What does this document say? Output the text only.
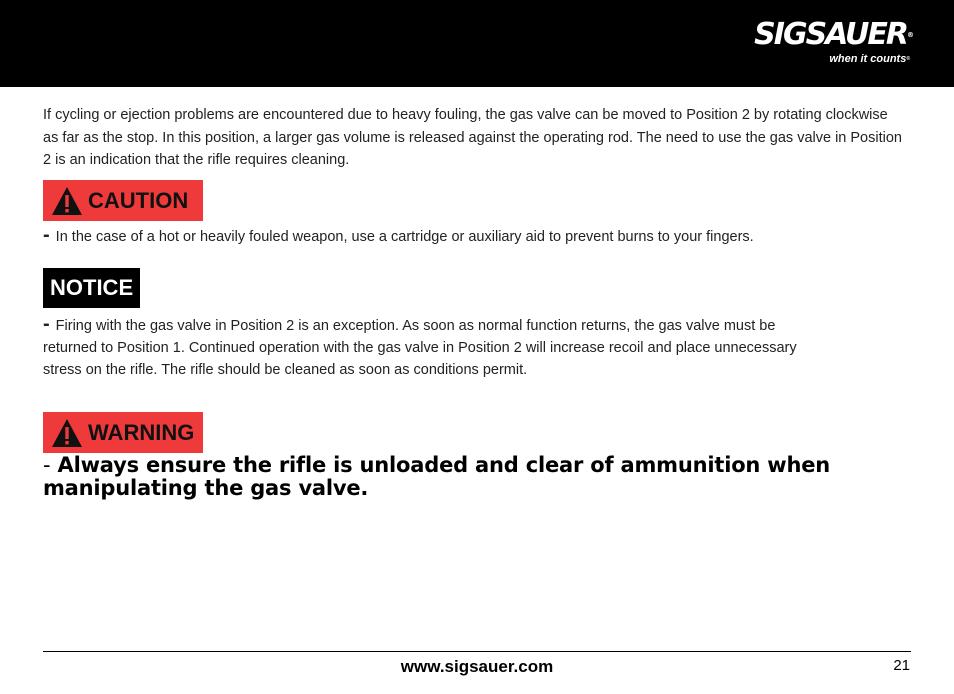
SIGSAUER®
when it counts®
If cycling or ejection problems are encountered due to heavy fouling, the gas valve can be moved to Position 2 by rotating clockwise as far as the stop. In this position, a larger gas volume is released against the operating rod. The need to use the gas valve in Position 2 is an indication that the rifle requires cleaning.
CAUTION
- In the case of a hot or heavily fouled weapon, use a cartridge or auxiliary aid to prevent burns to your fingers.
NOTICE
- Firing with the gas valve in Position 2 is an exception. As soon as normal function returns, the gas valve must be returned to Position 1. Continued operation with the gas valve in Position 2 will increase recoil and place unnecessary stress on the rifle. The rifle should be cleaned as soon as conditions permit.
WARNING
- Always ensure the rifle is unloaded and clear of ammunition when manipulating the gas valve.
www.sigsauer.com	21
